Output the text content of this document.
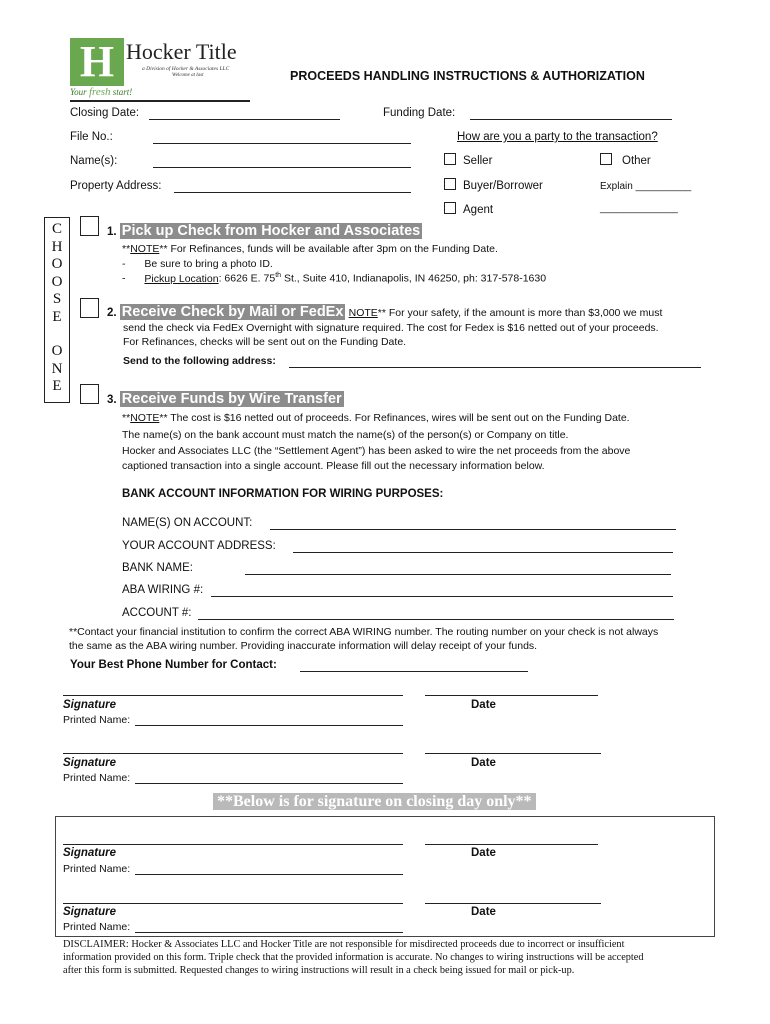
H Hocker Title
a Division of Hocker & Associates LLC
Welcome at last
Your fresh start!
PROCEEDS HANDLING INSTRUCTIONS & AUTHORIZATION
Closing Date:	Funding Date:
File No.:	How are you a party to the transaction?
Name(s):	Seller	Other
Property Address:	Buyer/Borrower	Explain __________
Agent	______________
C
H
O
O
S
E
O
N
E
1. Pick up Check from Hocker and Associates
**NOTE** For Refinances, funds will be available after 3pm on the Funding Date.
- Be sure to bring a photo ID.
- Pickup Location: 6626 E. 75th St., Suite 410, Indianapolis, IN 46250, ph: 317-578-1630
2. Receive Check by Mail or FedEx NOTE** For your safety, if the amount is more than $3,000 we must
send the check via FedEx Overnight with signature required. The cost for Fedex is $16 netted out of your proceeds.
For Refinances, checks will be sent out on the Funding Date.
Send to the following address:
3. Receive Funds by Wire Transfer
**NOTE** The cost is $16 netted out of proceeds. For Refinances, wires will be sent out on the Funding Date.
The name(s) on the bank account must match the name(s) of the person(s) or Company on title.
Hocker and Associates LLC (the “Settlement Agent”) has been asked to wire the net proceeds from the above
captioned transaction into a single account. Please fill out the necessary information below.
BANK ACCOUNT INFORMATION FOR WIRING PURPOSES:
NAME(S) ON ACCOUNT:
YOUR ACCOUNT ADDRESS:
BANK NAME:
ABA WIRING #:
ACCOUNT #:
**Contact your financial institution to confirm the correct ABA WIRING number. The routing number on your check is not always
the same as the ABA wiring number. Providing inaccurate information will delay receipt of your funds.
Your Best Phone Number for Contact:
Signature	Date
Printed Name:
Signature	Date
Printed Name:
**Below is for signature on closing day only**
Signature	Date
Printed Name:
Signature	Date
Printed Name:
DISCLAIMER: Hocker & Associates LLC and Hocker Title are not responsible for misdirected proceeds due to incorrect or insufficient
information provided on this form. Triple check that the provided information is accurate. No changes to wiring instructions will be accepted
after this form is submitted. Requested changes to wiring instructions will result in a check being issued for mail or pick-up.
